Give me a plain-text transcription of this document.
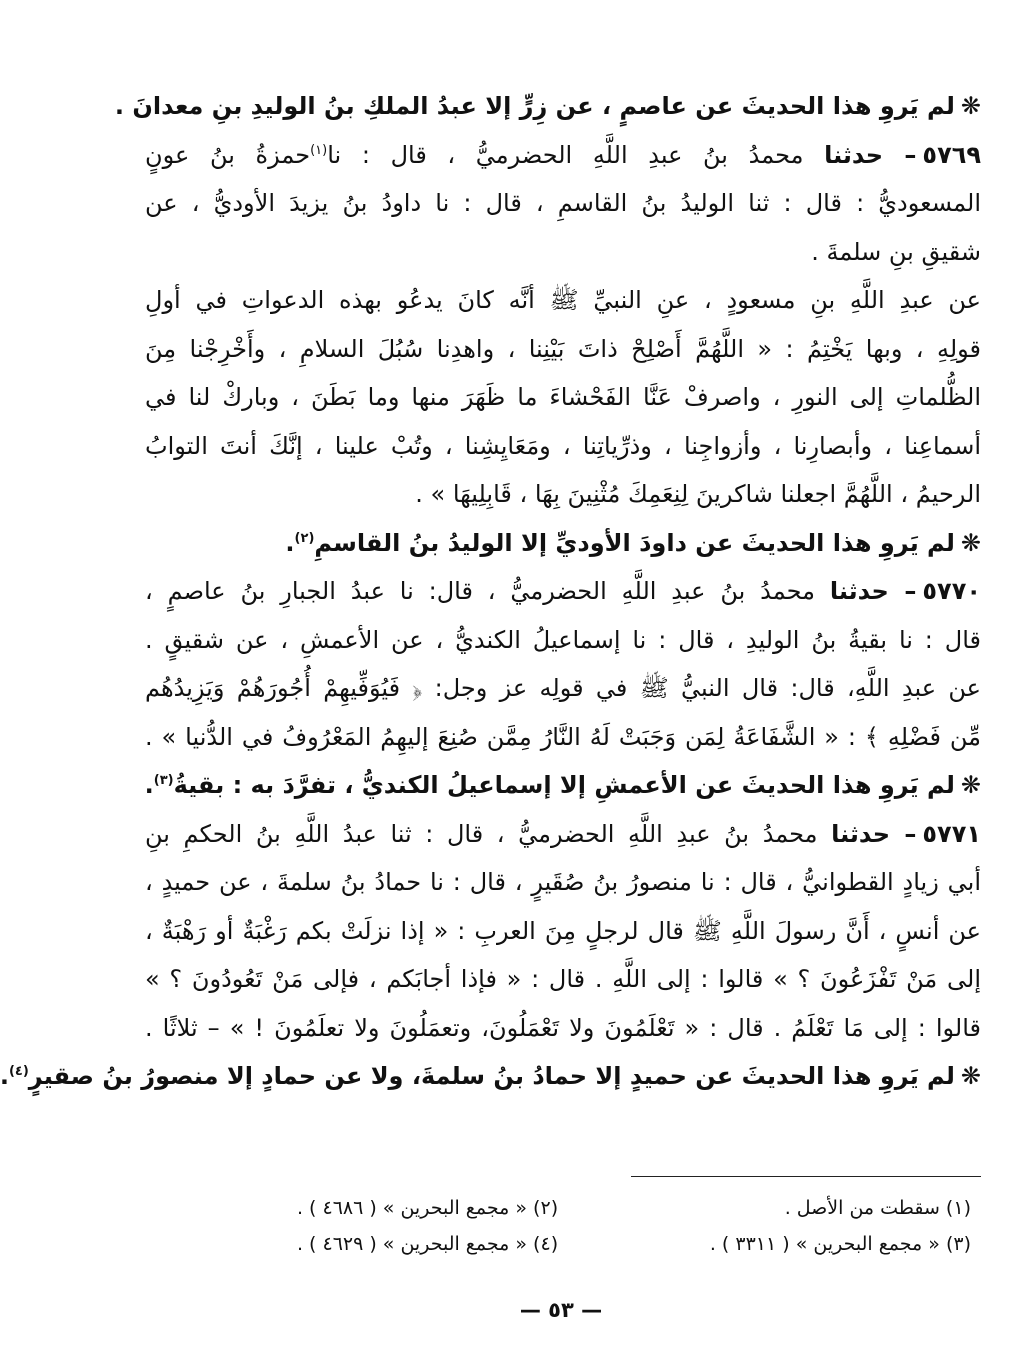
❋لم يَروِ هذا الحديثَ عن عاصمٍ ، عن زِرٍّ إلا عبدُ الملكِ بنُ الوليدِ بنِ معدانَ .
٥٧٦٩– حدثنا محمدُ بنُ عبدِ اللَّهِ الحضرميُّ ، قال : نا$^{(١)}$حمزةُ بنُ عونٍ
المسعوديُّ : قال : ثنا الوليدُ بنُ القاسمِ ، قال : نا داودُ بنُ يزيدَ الأوديُّ ، عن
شقيقِ بنِ سلمةَ .
عن عبدِ اللَّهِ بنِ مسعودٍ ، عنِ النبيِّ ﷺ أنَّه كانَ يدعُو بهذه الدعواتِ في أولِ
قولِهِ ، وبها يَخْتِمُ : « اللَّهُمَّ أَصْلِحْ ذاتَ بَيْنِنا ، واهدِنا سُبُلَ السلامِ ، وأَخْرِجْنا مِنَ
الظُّلماتِ إلى النورِ ، واصرفْ عَنَّا الفَحْشاءَ ما ظَهَرَ منها وما بَطَنَ ، وباركْ لنا في
أسماعِنا ، وأبصارِنا ، وأزواجِنا ، وذرِّياتِنا ، ومَعَايِشِنا ، وتُبْ علينا ، إنَّكَ أنتَ التوابُ
الرحيمُ ، اللَّهُمَّ اجعلنا شاكرينَ لِنِعَمِكَ مُثْنِينَ بِهَا ، قَابِلِيهَا » .
❋لم يَروِ هذا الحديثَ عن داودَ الأوديِّ إلا الوليدُ بنُ القاسمِ$^{(٢)}$.
٥٧٧٠– حدثنا محمدُ بنُ عبدِ اللَّهِ الحضرميُّ ، قال: نا عبدُ الجبارِ بنُ عاصمٍ ،
قال : نا بقيةُ بنُ الوليدِ ، قال : نا إسماعيلُ الكنديُّ ، عن الأعمشِ ، عن شقيقٍ .
عن عبدِ اللَّهِ، قال: قال النبيُّ ﷺ في قولِه عز وجل: ﴿ فَيُوَفِّيهِمْ أُجُورَهُمْ وَيَزِيدُهُم
مِّن فَضْلِهِ ﴾ : « الشَّفَاعَةُ لِمَن وَجَبَتْ لَهُ النَّارُ مِمَّن صُنِعَ إليهِمُ المَعْرُوفُ في الدُّنيا » .
❋لم يَروِ هذا الحديثَ عن الأعمشِ إلا إسماعيلُ الكنديُّ ، تفرَّدَ به : بقيةُ$^{(٣)}$.
٥٧٧١– حدثنا محمدُ بنُ عبدِ اللَّهِ الحضرميُّ ، قال : ثنا عبدُ اللَّهِ بنُ الحكمِ بنِ
أبي زيادٍ القطوانيُّ ، قال : نا منصورُ بنُ صُقَيرٍ ، قال : نا حمادُ بنُ سلمةَ ، عن حميدٍ ،
عن أنسٍ ، أَنَّ رسولَ اللَّهِ ﷺ قال لرجلٍ مِنَ العربِ : « إذا نزلَتْ بكم رَغْبَةٌ أو رَهْبَةٌ ،
إلى مَنْ تَفْزَعُونَ ؟ » قالوا : إلى اللَّهِ . قال : « فإذا أجابَكم ، فإلى مَنْ تَعُودُونَ ؟ »
قالوا : إلى مَا تَعْلَمُ . قال : « تَعْلَمُونَ ولا تَعْمَلُونَ، وتعمَلُونَ ولا تعلَمُونَ ! » – ثلاثًا .
❋لم يَروِ هذا الحديثَ عن حميدٍ إلا حمادُ بنُ سلمةَ، ولا عن حمادٍ إلا منصورُ بنُ صقيرٍ$^{(٤)}$.
(١) سقطت من الأصل .
(٢) « مجمع البحرين » ( ٤٦٨٦ ) .
(٣) « مجمع البحرين » ( ٣٣١١ ) .
(٤) « مجمع البحرين » ( ٤٦٢٩ ) .
— ٥٣ —
